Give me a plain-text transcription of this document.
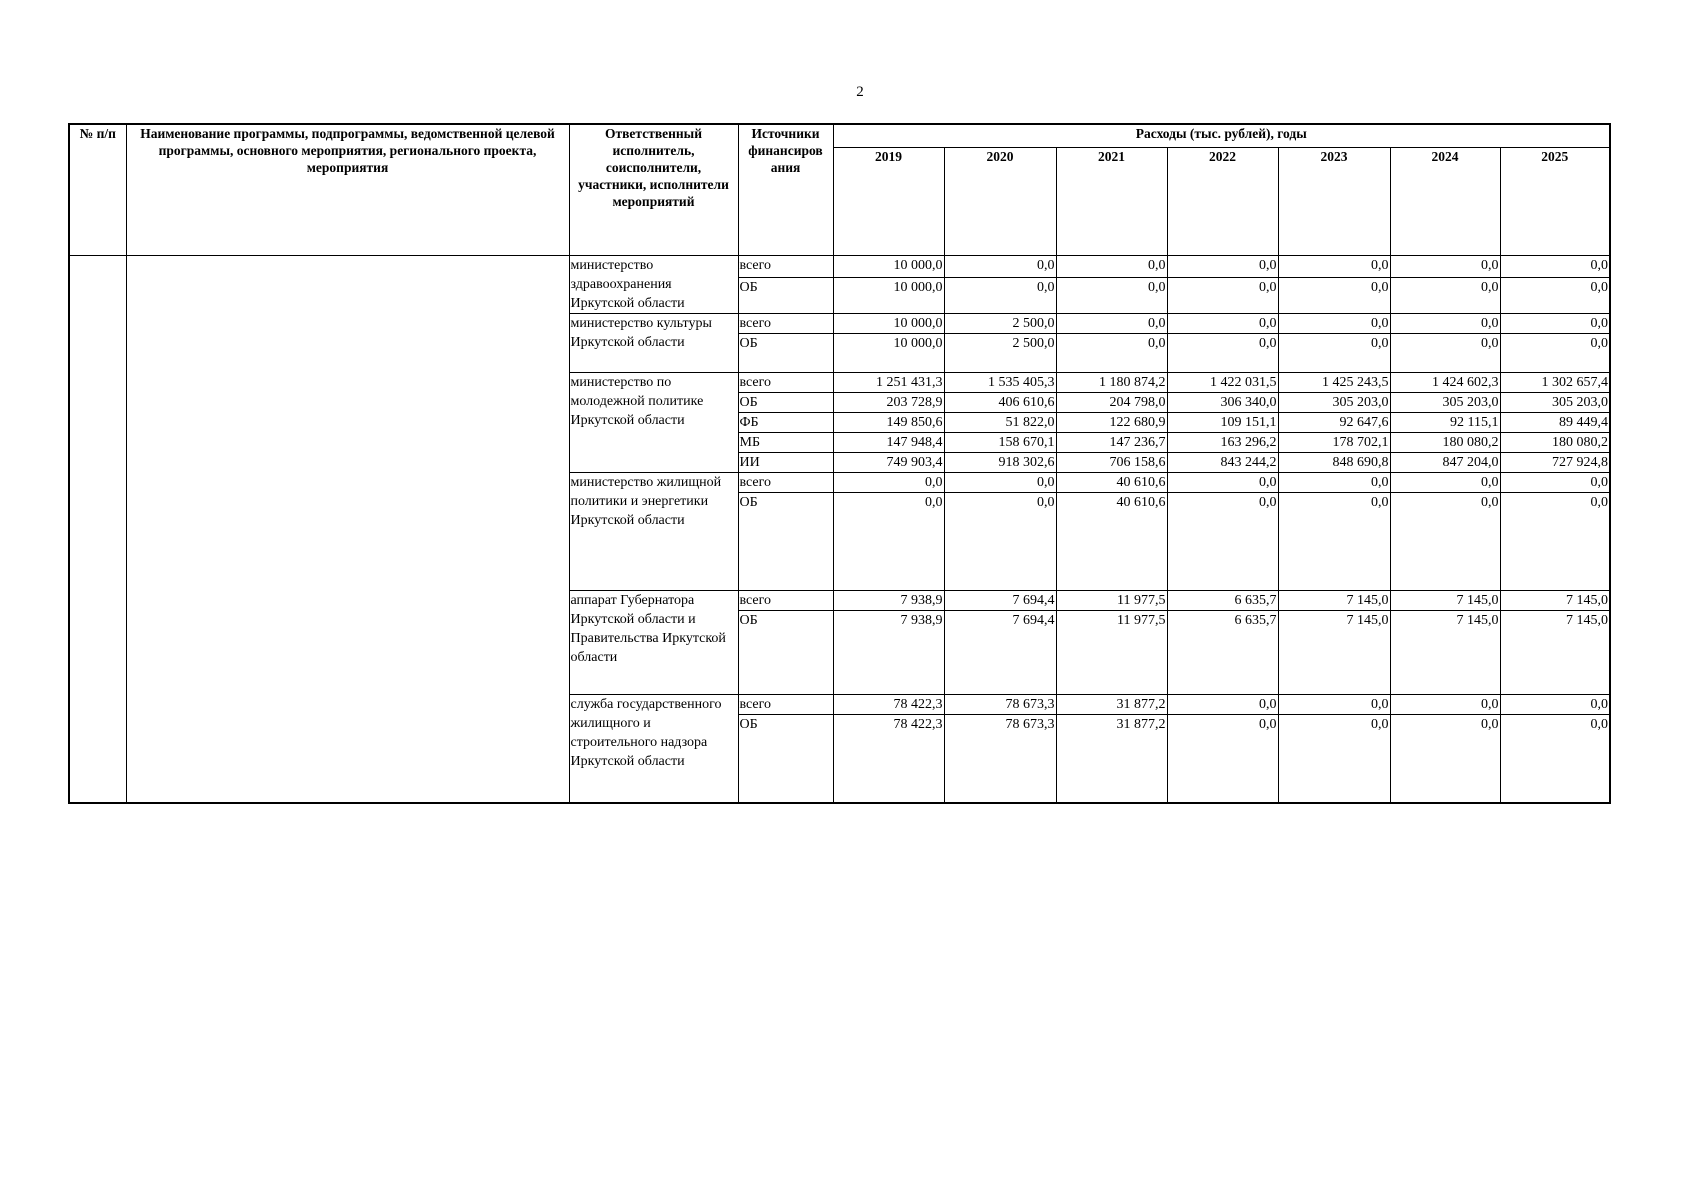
2
№ п/п	Наименование программы, подпрограммы, ведомственной целевой программы, основного мероприятия, регионального проекта, мероприятия	Ответственный исполнитель, соисполнители, участники, исполнители мероприятий	Источники финансиров ания	Расходы (тыс. рублей), годы						
				2019	2020	2021	2022	2023	2024	2025
		министерство здравоохранения Иркутской области	всего	10 000,0	0,0	0,0	0,0	0,0	0,0	0,0
			ОБ	10 000,0	0,0	0,0	0,0	0,0	0,0	0,0
		министерство культуры Иркутской области	всего	10 000,0	2 500,0	0,0	0,0	0,0	0,0	0,0
			ОБ	10 000,0	2 500,0	0,0	0,0	0,0	0,0	0,0
		министерство по молодежной политике Иркутской области	всего	1 251 431,3	1 535 405,3	1 180 874,2	1 422 031,5	1 425 243,5	1 424 602,3	1 302 657,4
			ОБ	203 728,9	406 610,6	204 798,0	306 340,0	305 203,0	305 203,0	305 203,0
			ФБ	149 850,6	51 822,0	122 680,9	109 151,1	92 647,6	92 115,1	89 449,4
			МБ	147 948,4	158 670,1	147 236,7	163 296,2	178 702,1	180 080,2	180 080,2
			ИИ	749 903,4	918 302,6	706 158,6	843 244,2	848 690,8	847 204,0	727 924,8
		министерство жилищной политики и энергетики Иркутской области	всего	0,0	0,0	40 610,6	0,0	0,0	0,0	0,0
			ОБ	0,0	0,0	40 610,6	0,0	0,0	0,0	0,0
		аппарат Губернатора Иркутской области и Правительства Иркутской области	всего	7 938,9	7 694,4	11 977,5	6 635,7	7 145,0	7 145,0	7 145,0
			ОБ	7 938,9	7 694,4	11 977,5	6 635,7	7 145,0	7 145,0	7 145,0
		служба государственного жилищного и строительного надзора Иркутской области	всего	78 422,3	78 673,3	31 877,2	0,0	0,0	0,0	0,0
			ОБ	78 422,3	78 673,3	31 877,2	0,0	0,0	0,0	0,0
